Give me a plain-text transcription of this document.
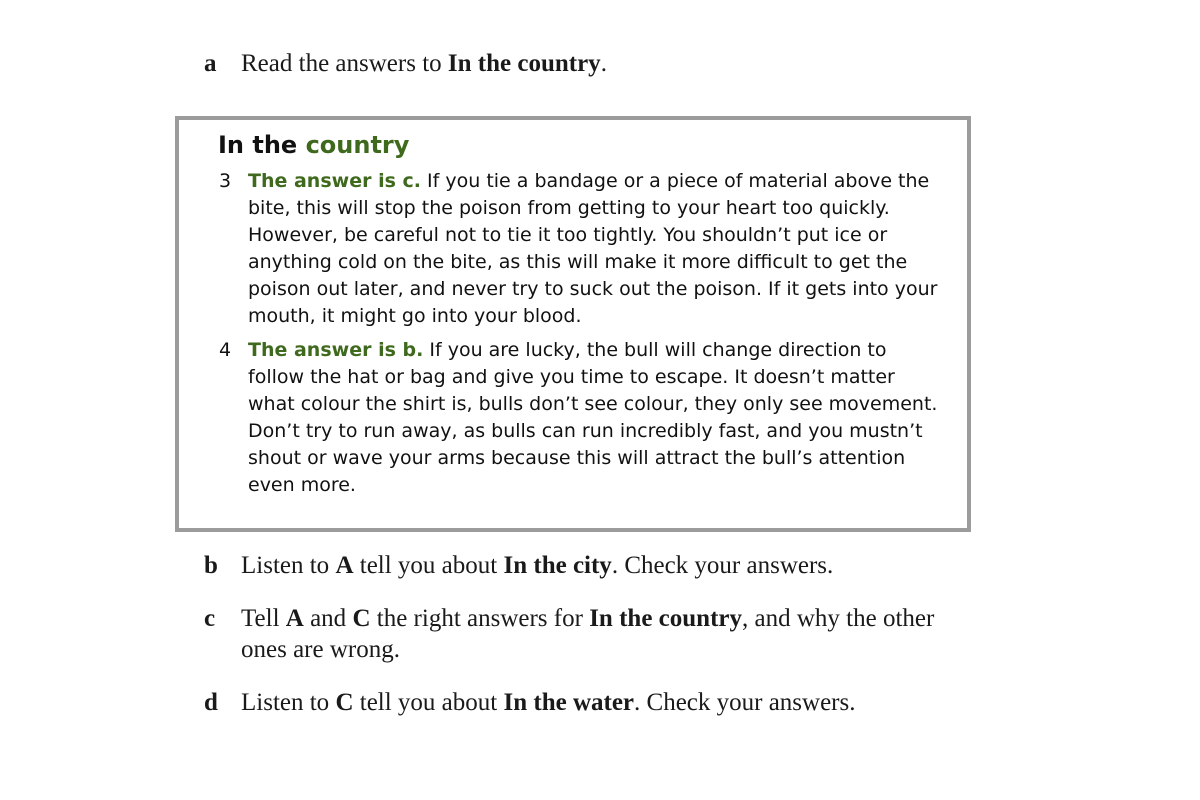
a Read the answers to In the country.
In the country
3 The answer is c. If you tie a bandage or a piece of material above the bite, this will stop the poison from getting to your heart too quickly. However, be careful not to tie it too tightly. You shouldn’t put ice or anything cold on the bite, as this will make it more difficult to get the poison out later, and never try to suck out the poison. If it gets into your mouth, it might go into your blood.
4 The answer is b. If you are lucky, the bull will change direction to follow the hat or bag and give you time to escape. It doesn’t matter what colour the shirt is, bulls don’t see colour, they only see movement. Don’t try to run away, as bulls can run incredibly fast, and you mustn’t shout or wave your arms because this will attract the bull’s attention even more.
b Listen to A tell you about In the city. Check your answers.
c	Tell A and C the right answers for In the country, and why the other ones are wrong.
d Listen to C tell you about In the water. Check your answers.
